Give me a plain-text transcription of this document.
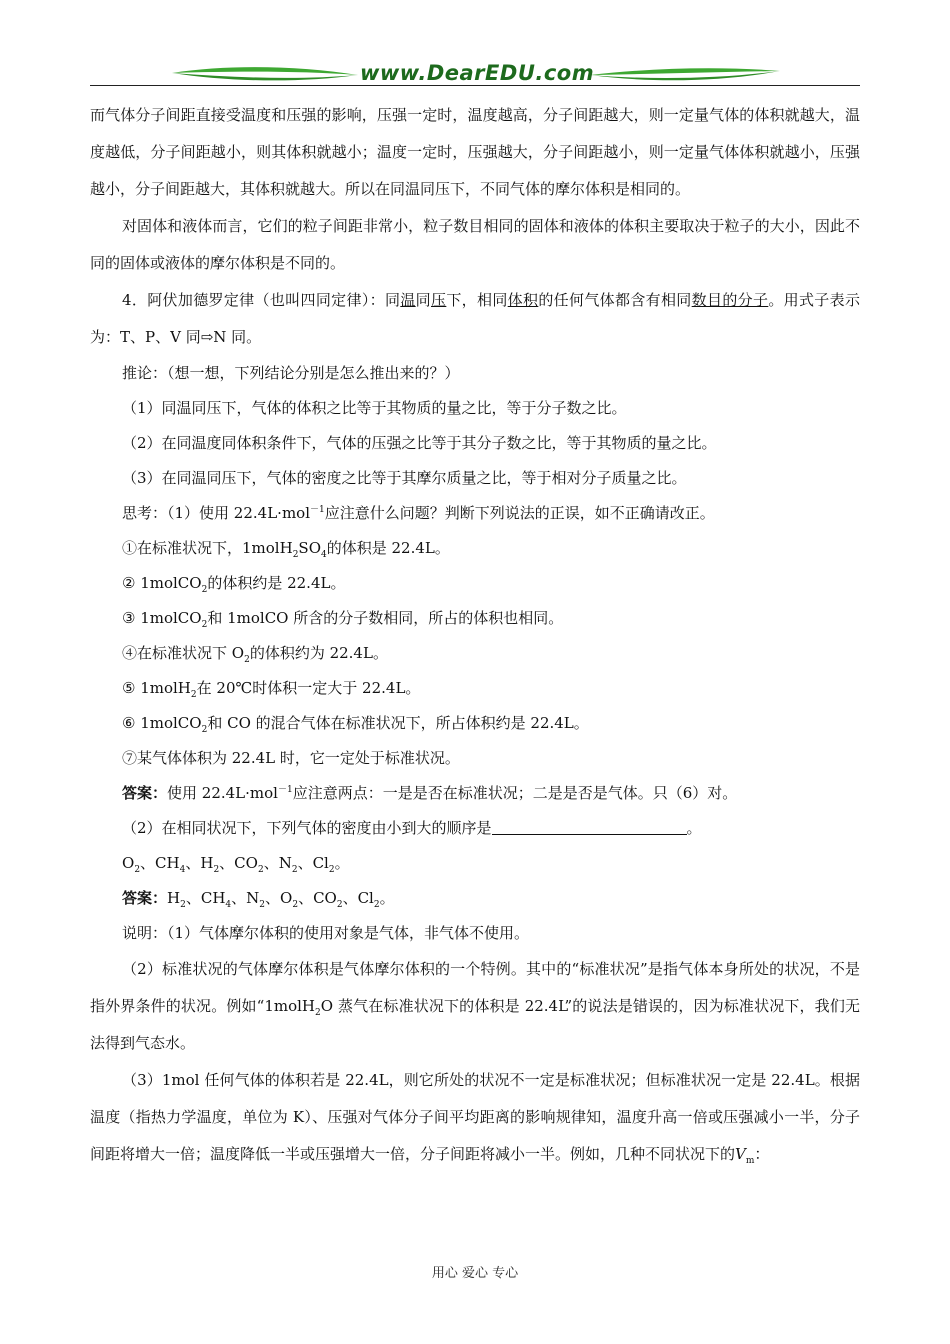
www.DearEDU.com

而气体分子间距直接受温度和压强的影响，压强一定时，温度越高，分子间距越大，则一定量气体的体积就越大，温度越低，分子间距越小，则其体积就越小；温度一定时，压强越大，分子间距越小，则一定量气体体积就越小，压强越小，分子间距越大，其体积就越大。所以在同温同压下，不同气体的摩尔体积是相同的。

对固体和液体而言，它们的粒子间距非常小，粒子数目相同的固体和液体的体积主要取决于粒子的大小，因此不同的固体或液体的摩尔体积是不同的。

4．阿伏加德罗定律（也叫四同定律）：同温同压下，相同体积的任何气体都含有相同数目的分子。用式子表示为：T、P、V 同⇨N 同。

推论：（想一想，下列结论分别是怎么推出来的？）

（1）同温同压下，气体的体积之比等于其物质的量之比，等于分子数之比。

（2）在同温度同体积条件下，气体的压强之比等于其分子数之比，等于其物质的量之比。

（3）在同温同压下，气体的密度之比等于其摩尔质量之比，等于相对分子质量之比。

思考：（1）使用 22.4L·mol$^{-1}$应注意什么问题？判断下列说法的正误，如不正确请改正。

①在标准状况下，$1molH_2SO_4$的体积是 22.4L。

② 1molCO$_2$的体积约是 22.4L。

③ 1molCO$_2$和 1molCO 所含的分子数相同，所占的体积也相同。

④在标准状况下 $O_2$的体积约为 22.4L。

⑤ 1molH$_2$在 20℃时体积一定大于 22.4L。

⑥ 1molCO$_2$和 CO 的混合气体在标准状况下，所占体积约是 22.4L。

⑦某气体体积为 22.4L 时，它一定处于标准状况。

答案：使用 22.4L·mol$^{-1}$应注意两点：一是是否在标准状况；二是是否是气体。只（6）对。

（2）在相同状况下，下列气体的密度由小到大的顺序是	。

$O_2$、$CH_4$、$H_2$、$CO_2$、$N_2$、$Cl_2$。

答案：$H_2$、$CH_4$、$N_2$、$O_2$、$CO_2$、$Cl_2$。

说明：（1）气体摩尔体积的使用对象是气体，非气体不使用。

（2）标准状况的气体摩尔体积是气体摩尔体积的一个特例。其中的“标准状况”是指气体本身所处的状况，不是指外界条件的状况。例如“1molH$_2$O 蒸气在标准状况下的体积是 22.4L”的说法是错误的，因为标准状况下，我们无法得到气态水。

（3）1mol 任何气体的体积若是 22.4L，则它所处的状况不一定是标准状况；但标准状况一定是 22.4L。根据温度（指热力学温度，单位为 K）、压强对气体分子间平均距离的影响规律知，温度升高一倍或压强减小一半，分子间距将增大一倍；温度降低一半或压强增大一倍，分子间距将减小一半。例如，几种不同状况下的$V_m$：

用心 爱心 专心
